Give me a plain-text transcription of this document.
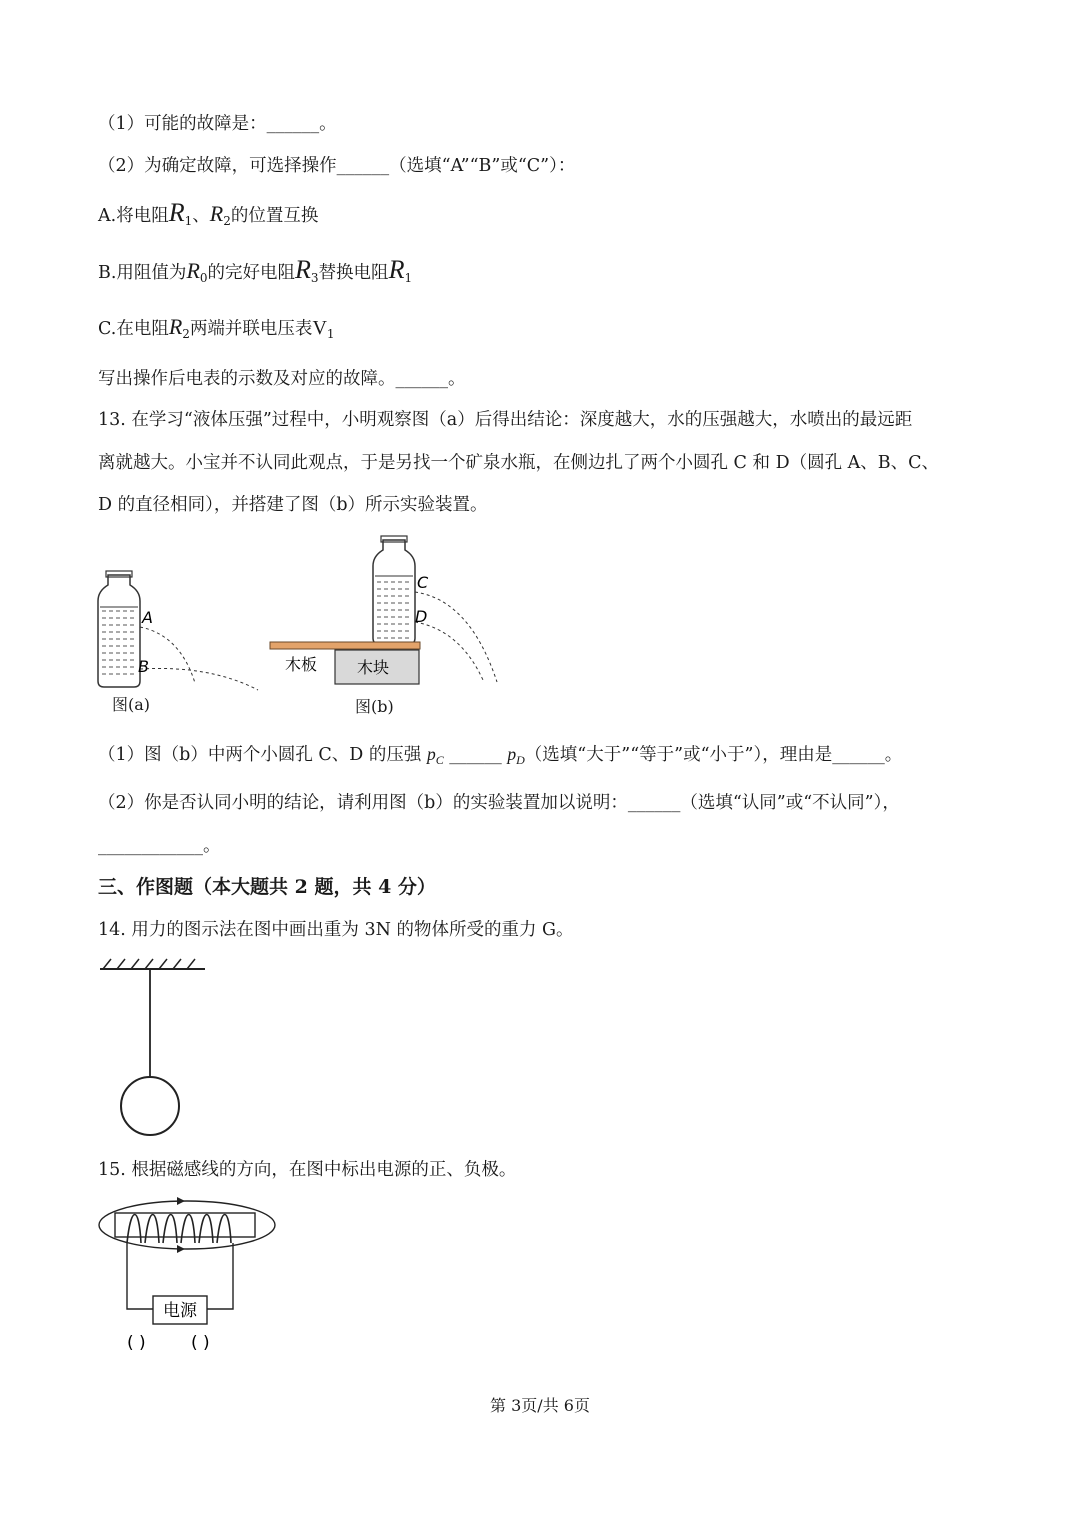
（1）可能的故障是：______。
（2）为确定故障，可选择操作______（选填“A”“B”或“C”）：
A.将电阻$R_1$、$R_2$的位置互换
B.用阻值为$R_0$的完好电阻$R_3$替换电阻$R_1$
C.在电阻$R_2$两端并联电压表$V_1$
写出操作后电表的示数及对应的故障。______。
13. 在学习“液体压强”过程中，小明观察图（a）后得出结论：深度越大，水的压强越大，水喷出的最远距
离就越大。小宝并不认同此观点，于是另找一个矿泉水瓶，在侧边扎了两个小圆孔 C 和 D（圆孔 A、B、C、
D 的直径相同），并搭建了图（b）所示实验装置。
A
B
图(a)
C
D
木板 木块
图(b)
（1）图（b）中两个小圆孔 C、D 的压强 $p_C$ ______ $p_D$（选填“大于”“等于”或“小于”），理由是______。
（2）你是否认同小明的结论，请利用图（b）的实验装置加以说明：______（选填“认同”或“不认同”），
____________。
三、作图题（本大题共 2 题，共 4 分）
14. 用力的图示法在图中画出重为 3N 的物体所受的重力 G。
15. 根据磁感线的方向，在图中标出电源的正、负极。
电源
( )	( )
第 3页/共 6页
